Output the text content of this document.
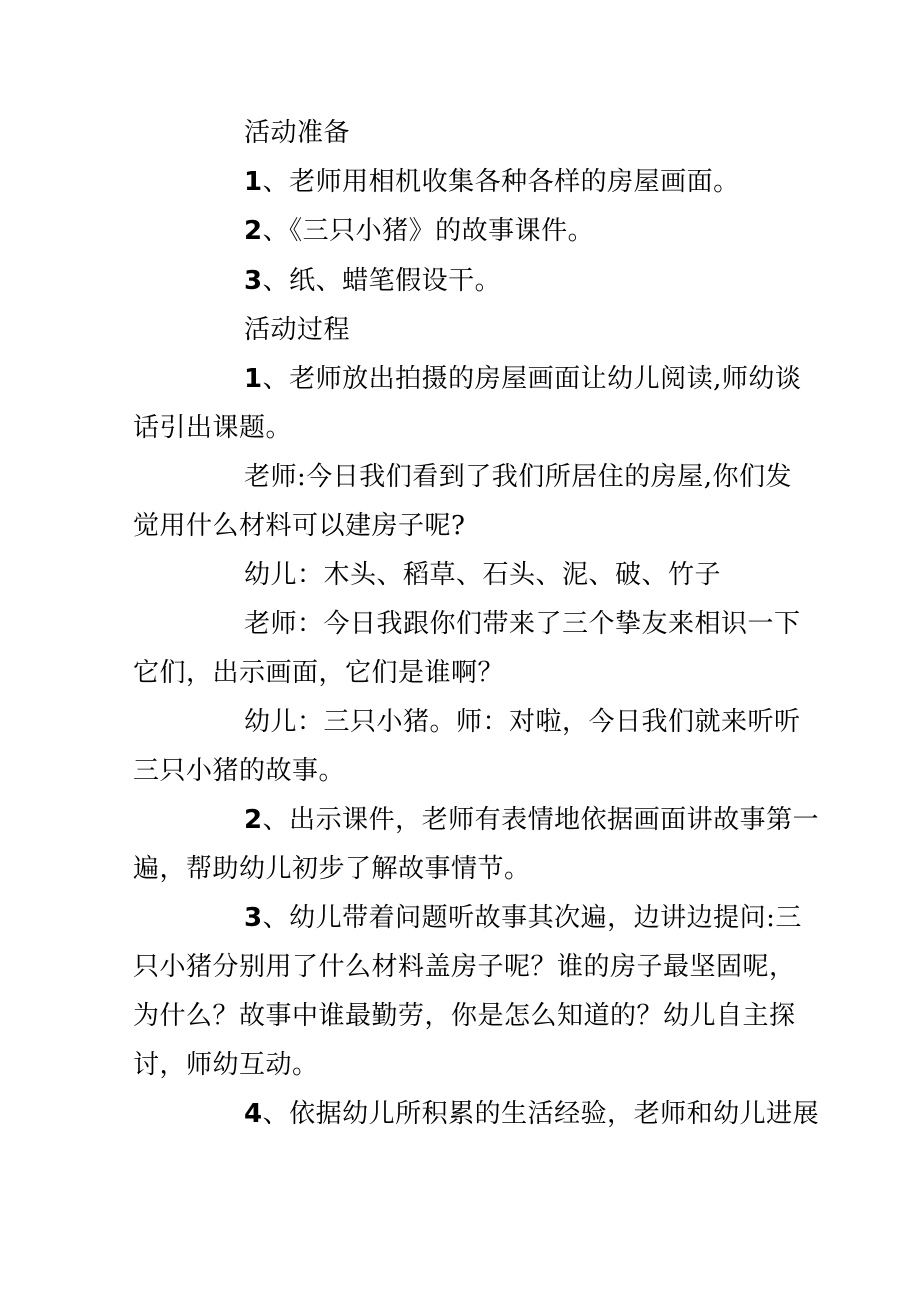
活动准备
1、老师用相机收集各种各样的房屋画面。
2、《三只小猪》的故事课件。
3、纸、蜡笔假设干。
活动过程
1、老师放出拍摄的房屋画面让幼儿阅读,师幼谈
话引出课题。
老师:今日我们看到了我们所居住的房屋,你们发
觉用什么材料可以建房子呢?
幼儿：木头、稻草、石头、泥、破、竹子
老师：今日我跟你们带来了三个挚友来相识一下
它们，出示画面，它们是谁啊？
幼儿：三只小猪。师：对啦，今日我们就来听听
三只小猪的故事。
2、出示课件，老师有表情地依据画面讲故事第一
遍，帮助幼儿初步了解故事情节。
3、幼儿带着问题听故事其次遍，边讲边提问:三
只小猪分别用了什么材料盖房子呢？谁的房子最坚固呢，
为什么？故事中谁最勤劳，你是怎么知道的？幼儿自主探
讨，师幼互动。
4、依据幼儿所积累的生活经验，老师和幼儿进展
